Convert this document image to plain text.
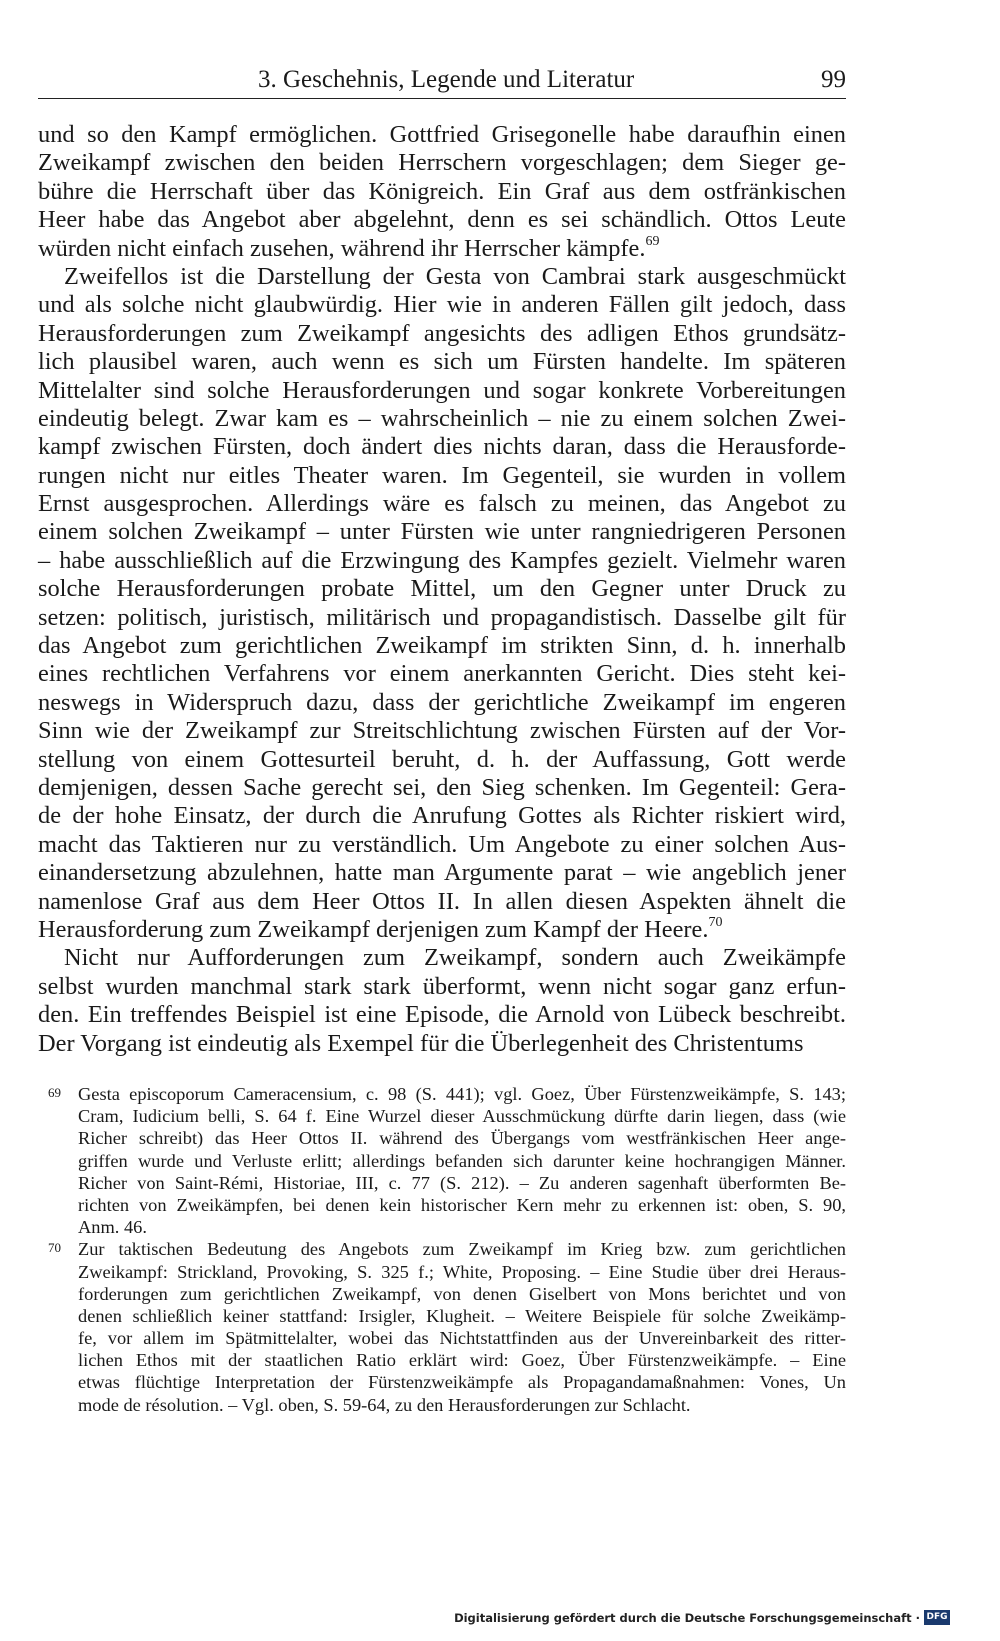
3. Geschehnis, Legende und Literatur	99
und so den Kampf ermöglichen. Gottfried Grisegonelle habe daraufhin einen
Zweikampf zwischen den beiden Herrschern vorgeschlagen; dem Sieger ge-
bühre die Herrschaft über das Königreich. Ein Graf aus dem ostfränkischen
Heer habe das Angebot aber abgelehnt, denn es sei schändlich. Ottos Leute
würden nicht einfach zusehen, während ihr Herrscher kämpfe.$^{69}$
Zweifellos ist die Darstellung der Gesta von Cambrai stark ausgeschmückt
und als solche nicht glaubwürdig. Hier wie in anderen Fällen gilt jedoch, dass
Herausforderungen zum Zweikampf angesichts des adligen Ethos grundsätz-
lich plausibel waren, auch wenn es sich um Fürsten handelte. Im späteren
Mittelalter sind solche Herausforderungen und sogar konkrete Vorbereitungen
eindeutig belegt. Zwar kam es – wahrscheinlich – nie zu einem solchen Zwei-
kampf zwischen Fürsten, doch ändert dies nichts daran, dass die Herausforde-
rungen nicht nur eitles Theater waren. Im Gegenteil, sie wurden in vollem
Ernst ausgesprochen. Allerdings wäre es falsch zu meinen, das Angebot zu
einem solchen Zweikampf – unter Fürsten wie unter rangniedrigeren Personen
– habe ausschließlich auf die Erzwingung des Kampfes gezielt. Vielmehr waren
solche Herausforderungen probate Mittel, um den Gegner unter Druck zu
setzen: politisch, juristisch, militärisch und propagandistisch. Dasselbe gilt für
das Angebot zum gerichtlichen Zweikampf im strikten Sinn, d. h. innerhalb
eines rechtlichen Verfahrens vor einem anerkannten Gericht. Dies steht kei-
neswegs in Widerspruch dazu, dass der gerichtliche Zweikampf im engeren
Sinn wie der Zweikampf zur Streitschlichtung zwischen Fürsten auf der Vor-
stellung von einem Gottesurteil beruht, d. h. der Auffassung, Gott werde
demjenigen, dessen Sache gerecht sei, den Sieg schenken. Im Gegenteil: Gera-
de der hohe Einsatz, der durch die Anrufung Gottes als Richter riskiert wird,
macht das Taktieren nur zu verständlich. Um Angebote zu einer solchen Aus-
einandersetzung abzulehnen, hatte man Argumente parat – wie angeblich jener
namenlose Graf aus dem Heer Ottos II. In allen diesen Aspekten ähnelt die
Herausforderung zum Zweikampf derjenigen zum Kampf der Heere.$^{70}$
Nicht nur Aufforderungen zum Zweikampf, sondern auch Zweikämpfe
selbst wurden manchmal stark stark überformt, wenn nicht sogar ganz erfun-
den. Ein treffendes Beispiel ist eine Episode, die Arnold von Lübeck beschreibt.
Der Vorgang ist eindeutig als Exempel für die Überlegenheit des Christentums
69 Gesta episcoporum Cameracensium, c. 98 (S. 441); vgl. Goez, Über Fürstenzweikämpfe, S. 143;
Cram, Iudicium belli, S. 64 f. Eine Wurzel dieser Ausschmückung dürfte darin liegen, dass (wie
Richer schreibt) das Heer Ottos II. während des Übergangs vom westfränkischen Heer ange-
griffen wurde und Verluste erlitt; allerdings befanden sich darunter keine hochrangigen Männer.
Richer von Saint-Rémi, Historiae, III, c. 77 (S. 212). – Zu anderen sagenhaft überformten Be-
richten von Zweikämpfen, bei denen kein historischer Kern mehr zu erkennen ist: oben, S. 90,
Anm. 46.
70 Zur taktischen Bedeutung des Angebots zum Zweikampf im Krieg bzw. zum gerichtlichen
Zweikampf: Strickland, Provoking, S. 325 f.; White, Proposing. – Eine Studie über drei Heraus-
forderungen zum gerichtlichen Zweikampf, von denen Giselbert von Mons berichtet und von
denen schließlich keiner stattfand: Irsigler, Klugheit. – Weitere Beispiele für solche Zweikämp-
fe, vor allem im Spätmittelalter, wobei das Nichtstattfinden aus der Unvereinbarkeit des ritter-
lichen Ethos mit der staatlichen Ratio erklärt wird: Goez, Über Fürstenzweikämpfe. – Eine
etwas flüchtige Interpretation der Fürstenzweikämpfe als Propagandamaßnahmen: Vones, Un
mode de résolution. – Vgl. oben, S. 59-64, zu den Herausforderungen zur Schlacht.
Digitalisierung gefördert durch die Deutsche Forschungsgemeinschaft · DFG
